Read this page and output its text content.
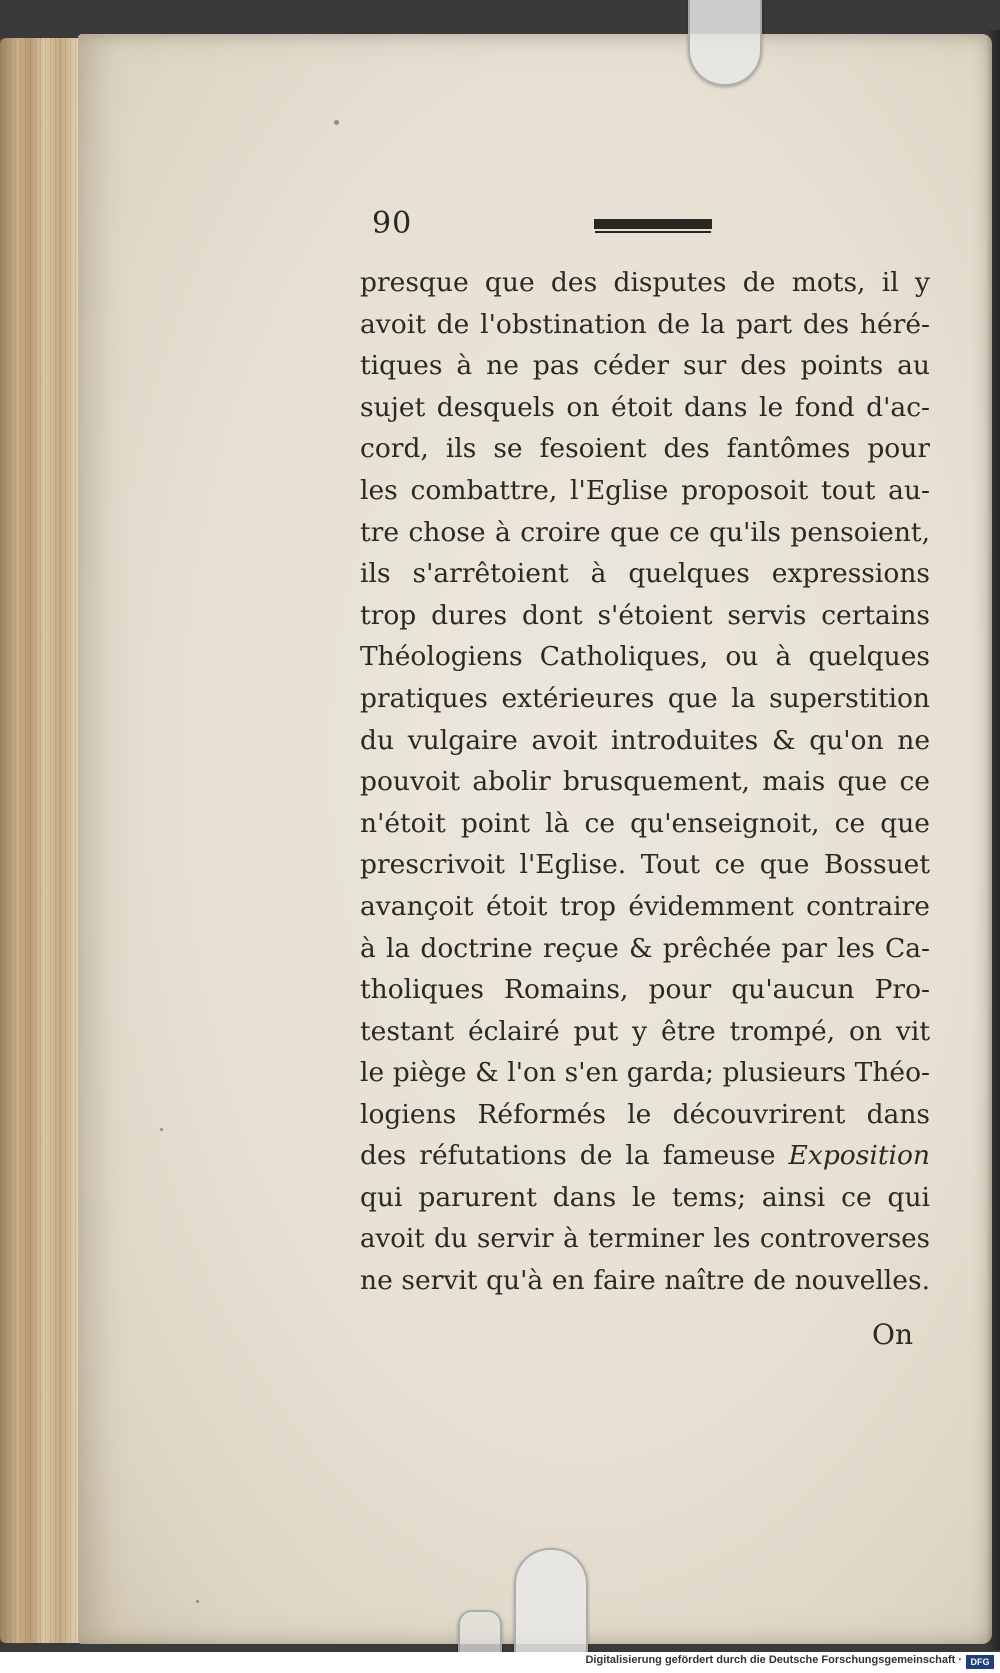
90
presque que des disputes de mots, il y
avoit de l'obstination de la part des héré-
tiques à ne pas céder sur des points au
sujet desquels on étoit dans le fond d'ac-
cord, ils se fesoient des fantômes pour
les combattre, l'Eglise proposoit tout au-
tre chose à croire que ce qu'ils pensoient,
ils s'arrêtoient à quelques expressions
trop dures dont s'étoient servis certains
Théologiens Catholiques, ou à quelques
pratiques extérieures que la superstition
du vulgaire avoit introduites & qu'on ne
pouvoit abolir brusquement, mais que ce
n'étoit point là ce qu'enseignoit, ce que
prescrivoit l'Eglise. Tout ce que Bossuet
avançoit étoit trop évidemment contraire
à la doctrine reçue & prêchée par les Ca-
tholiques Romains, pour qu'aucun Pro-
testant éclairé put y être trompé, on vit
le piège & l'on s'en garda; plusieurs Théo-
logiens Réformés le découvrirent dans
des réfutations de la fameuse Exposition
qui parurent dans le tems; ainsi ce qui
avoit du servir à terminer les controverses
ne servit qu'à en faire naître de nouvelles.
On
Digitalisierung gefördert durch die Deutsche Forschungsgemeinschaft · DFG
